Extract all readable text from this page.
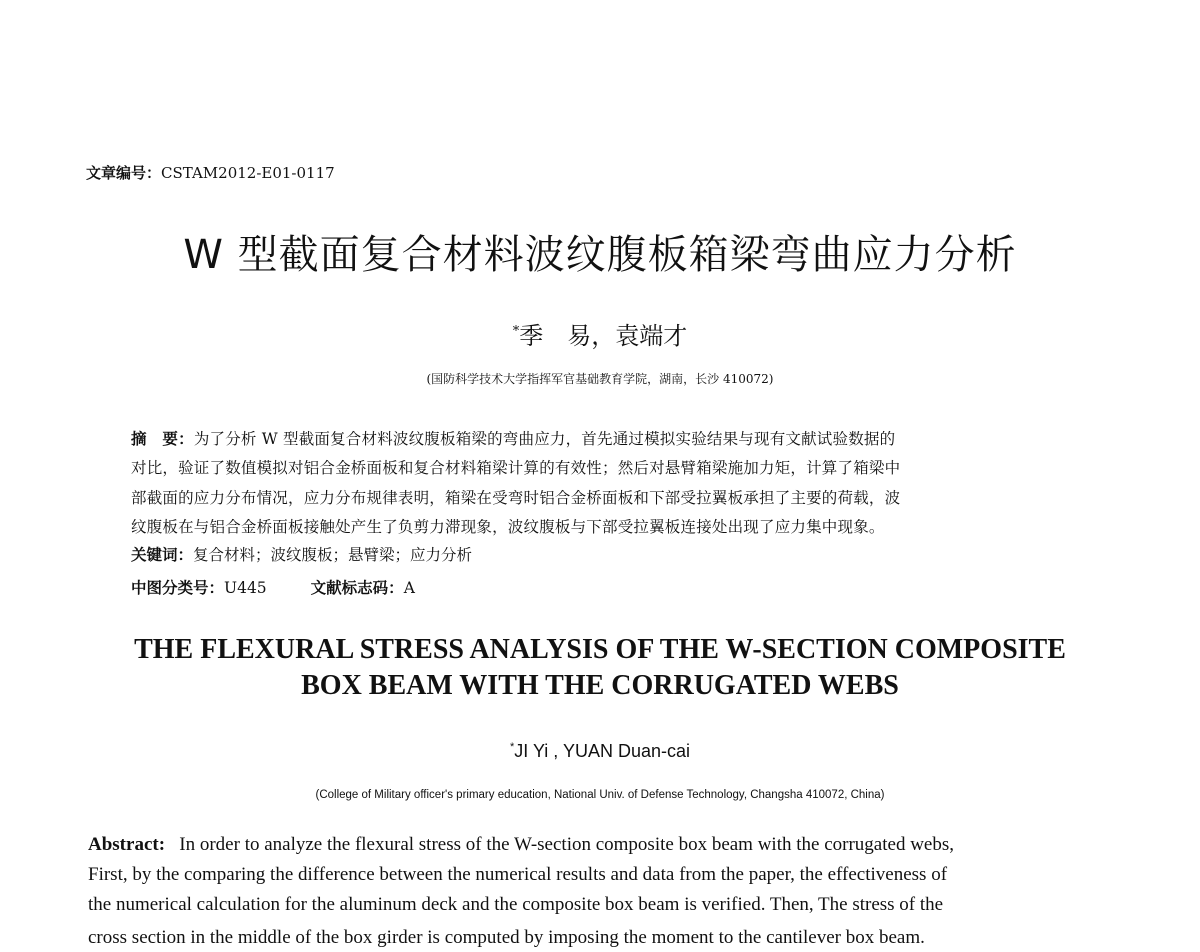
文章编号：CSTAM2012-E01-0117
W 型截面复合材料波纹腹板箱梁弯曲应力分析
*季　易，袁端才
(国防科学技术大学指挥军官基础教育学院，湖南，长沙 410072)
摘　要：为了分析 W 型截面复合材料波纹腹板箱梁的弯曲应力，首先通过模拟实验结果与现有文献试验数据的
对比，验证了数值模拟对铝合金桥面板和复合材料箱梁计算的有效性；然后对悬臂箱梁施加力矩，计算了箱梁中
部截面的应力分布情况，应力分布规律表明，箱梁在受弯时铝合金桥面板和下部受拉翼板承担了主要的荷载，波
纹腹板在与铝合金桥面板接触处产生了负剪力滞现象，波纹腹板与下部受拉翼板连接处出现了应力集中现象。
关键词：复合材料；波纹腹板；悬臂梁；应力分析
中图分类号：U445	文献标志码：A
THE FLEXURAL STRESS ANALYSIS OF THE W-SECTION COMPOSITE
BOX BEAM WITH THE CORRUGATED WEBS
*JI Yi , YUAN Duan-cai
(College of Military officer's primary education, National Univ. of Defense Technology, Changsha 410072, China)
Abstract: In order to analyze the flexural stress of the W-section composite box beam with the corrugated webs,
First, by the comparing the difference between the numerical results and data from the paper, the effectiveness of
the numerical calculation for the aluminum deck and the composite box beam is verified. Then, The stress of the
cross section in the middle of the box girder is computed by imposing the moment to the cantilever box beam.
